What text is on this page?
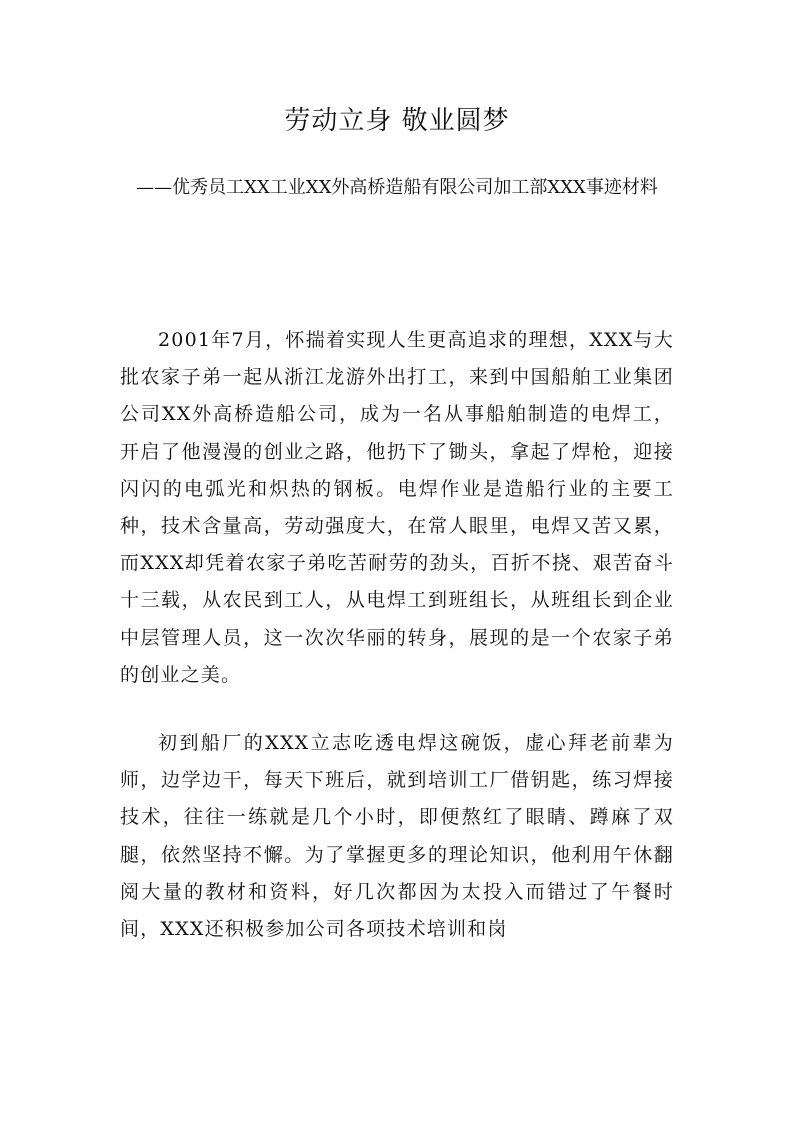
劳动立身 敬业圆梦

——优秀员工XX工业XX外高桥造船有限公司加工部XXX事迹材料

2001年7月，怀揣着实现人生更高追求的理想，XXX与大批农家子弟一起从浙江龙游外出打工，来到中国船舶工业集团公司XX外高桥造船公司，成为一名从事船舶制造的电焊工，开启了他漫漫的创业之路，他扔下了锄头，拿起了焊枪，迎接闪闪的电弧光和炽热的钢板。电焊作业是造船行业的主要工种，技术含量高，劳动强度大，在常人眼里，电焊又苦又累，而XXX却凭着农家子弟吃苦耐劳的劲头，百折不挠、艰苦奋斗十三载，从农民到工人，从电焊工到班组长，从班组长到企业中层管理人员，这一次次华丽的转身，展现的是一个农家子弟的创业之美。

初到船厂的XXX立志吃透电焊这碗饭，虚心拜老前辈为师，边学边干，每天下班后，就到培训工厂借钥匙，练习焊接技术，往往一练就是几个小时，即便熬红了眼睛、蹲麻了双腿，依然坚持不懈。为了掌握更多的理论知识，他利用午休翻阅大量的教材和资料，好几次都因为太投入而错过了午餐时间，XXX还积极参加公司各项技术培训和岗
